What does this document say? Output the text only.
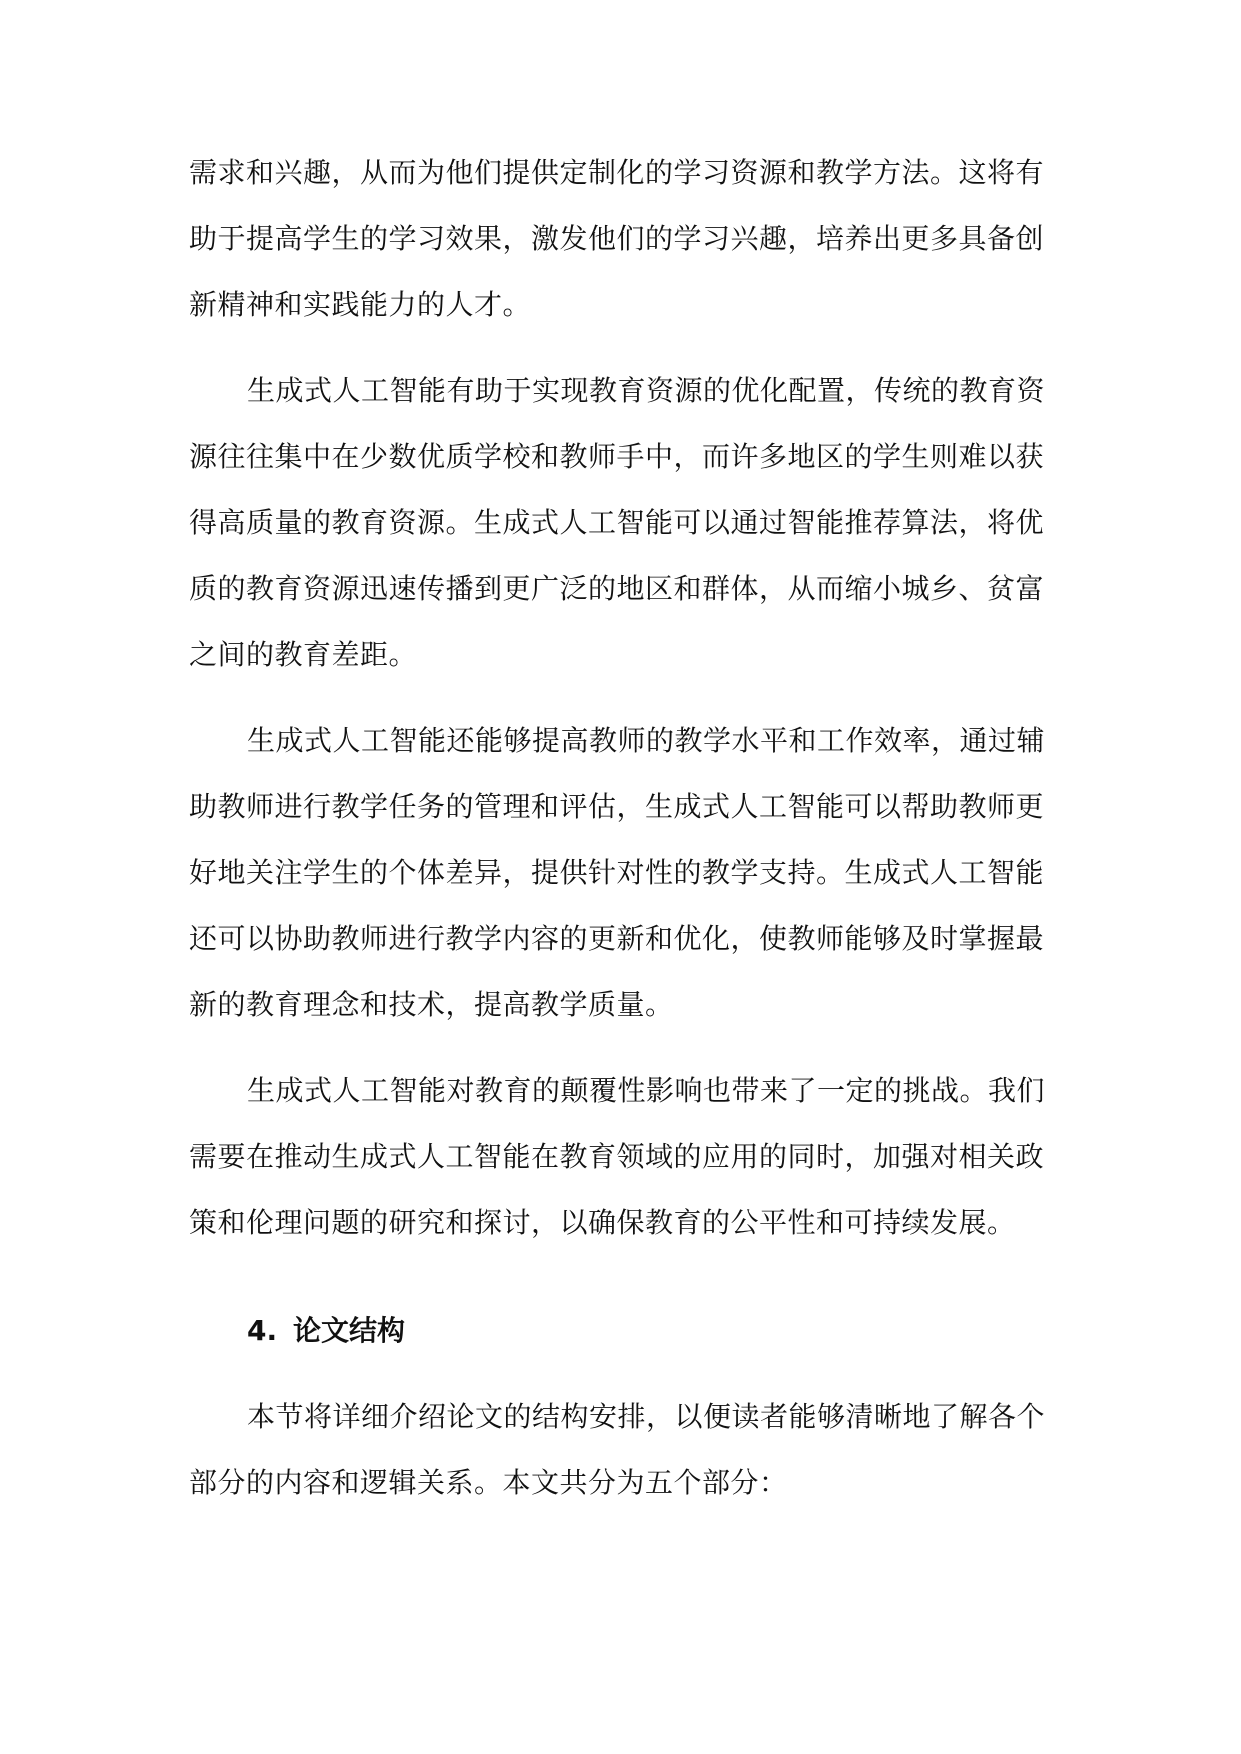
需求和兴趣，从而为他们提供定制化的学习资源和教学方法。这将有
助于提高学生的学习效果，激发他们的学习兴趣，培养出更多具备创
新精神和实践能力的人才。
生成式人工智能有助于实现教育资源的优化配置，传统的教育资
源往往集中在少数优质学校和教师手中，而许多地区的学生则难以获
得高质量的教育资源。生成式人工智能可以通过智能推荐算法，将优
质的教育资源迅速传播到更广泛的地区和群体，从而缩小城乡、贫富
之间的教育差距。
生成式人工智能还能够提高教师的教学水平和工作效率，通过辅
助教师进行教学任务的管理和评估，生成式人工智能可以帮助教师更
好地关注学生的个体差异，提供针对性的教学支持。生成式人工智能
还可以协助教师进行教学内容的更新和优化，使教师能够及时掌握最
新的教育理念和技术，提高教学质量。
生成式人工智能对教育的颠覆性影响也带来了一定的挑战。我们
需要在推动生成式人工智能在教育领域的应用的同时，加强对相关政
策和伦理问题的研究和探讨，以确保教育的公平性和可持续发展。
4. 论文结构
本节将详细介绍论文的结构安排，以便读者能够清晰地了解各个
部分的内容和逻辑关系。本文共分为五个部分：
